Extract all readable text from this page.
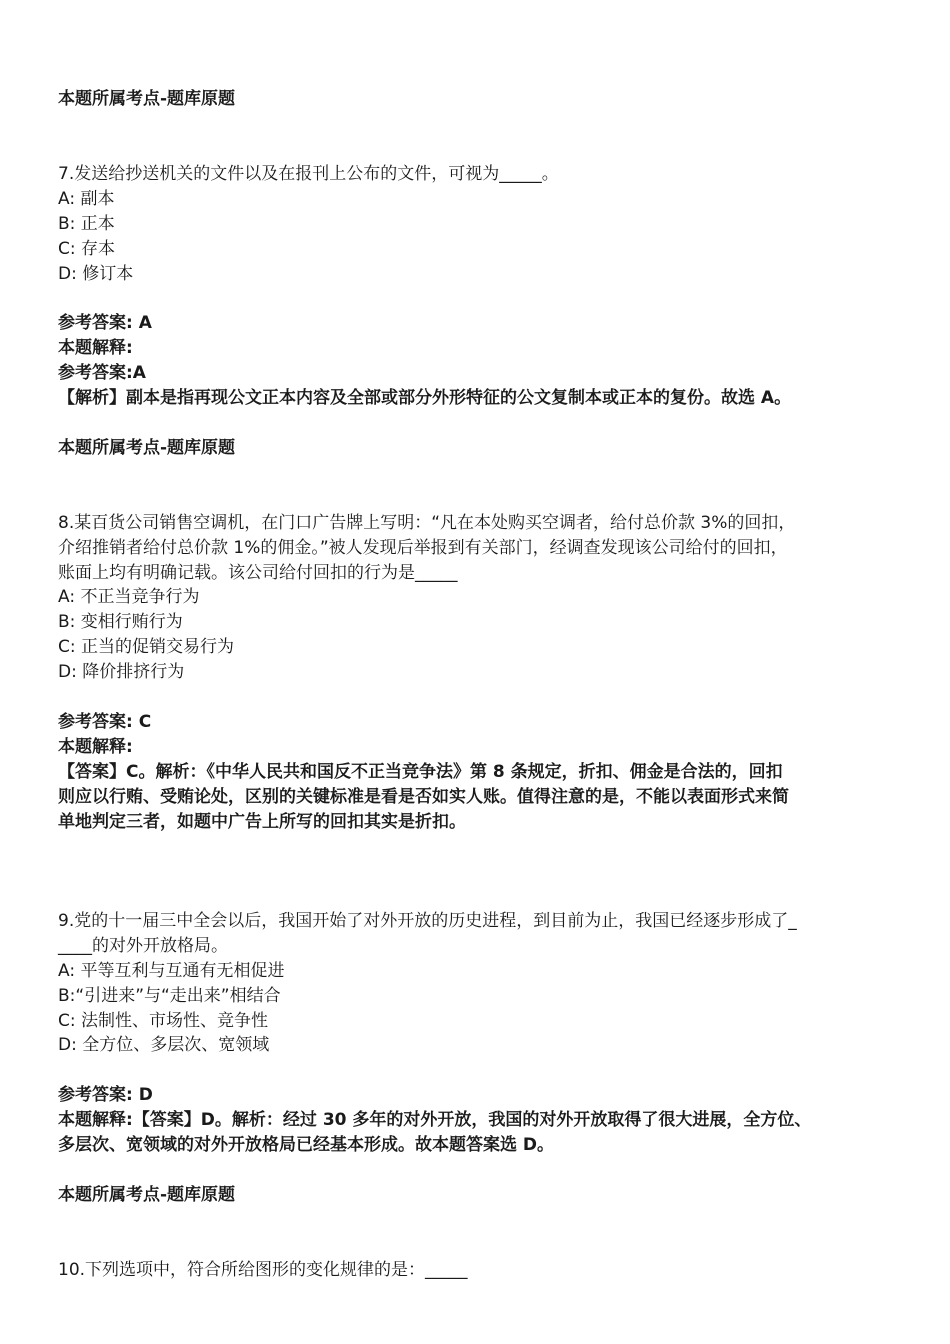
本题所属考点-题库原题
7.发送给抄送机关的文件以及在报刊上公布的文件，可视为_____。
A: 副本
B: 正本
C: 存本
D: 修订本
参考答案: A
本题解释:
参考答案:A
【解析】副本是指再现公文正本内容及全部或部分外形特征的公文复制本或正本的复份。故选 A。
本题所属考点-题库原题
8.某百货公司销售空调机，在门口广告牌上写明：“凡在本处购买空调者，给付总价款 3%的回扣，
介绍推销者给付总价款 1%的佣金。”被人发现后举报到有关部门，经调查发现该公司给付的回扣，
账面上均有明确记载。该公司给付回扣的行为是_____
A: 不正当竞争行为
B: 变相行贿行为
C: 正当的促销交易行为
D: 降价排挤行为
参考答案: C
本题解释:
【答案】C。解析：《中华人民共和国反不正当竞争法》第 8 条规定，折扣、佣金是合法的，回扣
则应以行贿、受贿论处，区别的关键标准是看是否如实人账。值得注意的是，不能以表面形式来简
单地判定三者，如题中广告上所写的回扣其实是折扣。
9.党的十一届三中全会以后，我国开始了对外开放的历史进程，到目前为止，我国已经逐步形成了_
____的对外开放格局。
A: 平等互利与互通有无相促进
B:“引进来”与“走出来”相结合
C: 法制性、市场性、竞争性
D: 全方位、多层次、宽领域
参考答案: D
本题解释:【答案】D。解析：经过 30 多年的对外开放，我国的对外开放取得了很大进展，全方位、
多层次、宽领域的对外开放格局已经基本形成。故本题答案选 D。
本题所属考点-题库原题
10.下列选项中，符合所给图形的变化规律的是：_____
